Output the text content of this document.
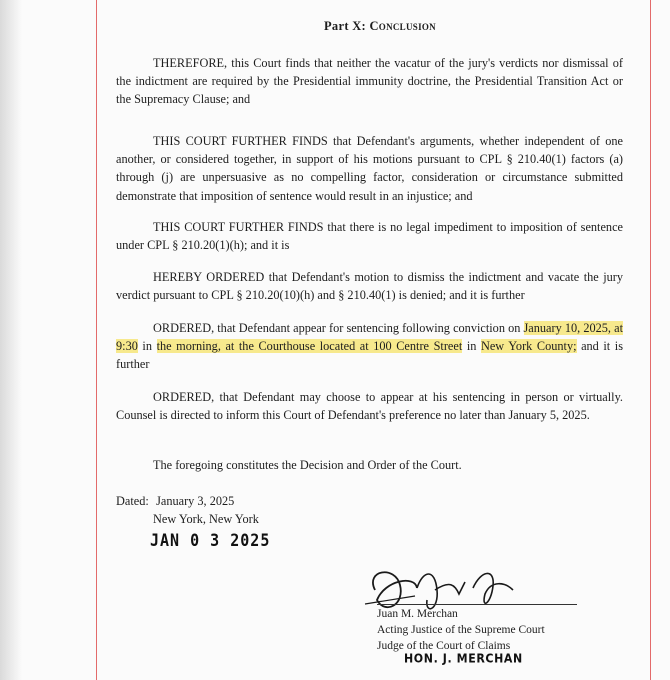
Part X: Conclusion

THEREFORE, this Court finds that neither the vacatur of the jury's verdicts nor dismissal of the indictment are required by the Presidential immunity doctrine, the Presidential Transition Act or the Supremacy Clause; and

THIS COURT FURTHER FINDS that Defendant's arguments, whether independent of one another, or considered together, in support of his motions pursuant to CPL § 210.40(1) factors (a) through (j) are unpersuasive as no compelling factor, consideration or circumstance submitted demonstrate that imposition of sentence would result in an injustice; and

THIS COURT FURTHER FINDS that there is no legal impediment to imposition of sentence under CPL § 210.20(1)(h); and it is

HEREBY ORDERED that Defendant's motion to dismiss the indictment and vacate the jury verdict pursuant to CPL § 210.20(10)(h) and § 210.40(1) is denied; and it is further

ORDERED, that Defendant appear for sentencing following conviction on January 10, 2025, at 9:30 in the morning, at the Courthouse located at 100 Centre Street in New York County; and it is further

ORDERED, that Defendant may choose to appear at his sentencing in person or virtually. Counsel is directed to inform this Court of Defendant's preference no later than January 5, 2025.

The foregoing constitutes the Decision and Order of the Court.

Dated: January 3, 2025
New York, New York
JAN 0 3 2025
Juan M. Merchan
Acting Justice of the Supreme Court
Judge of the Court of Claims
HON. J. MERCHAN
